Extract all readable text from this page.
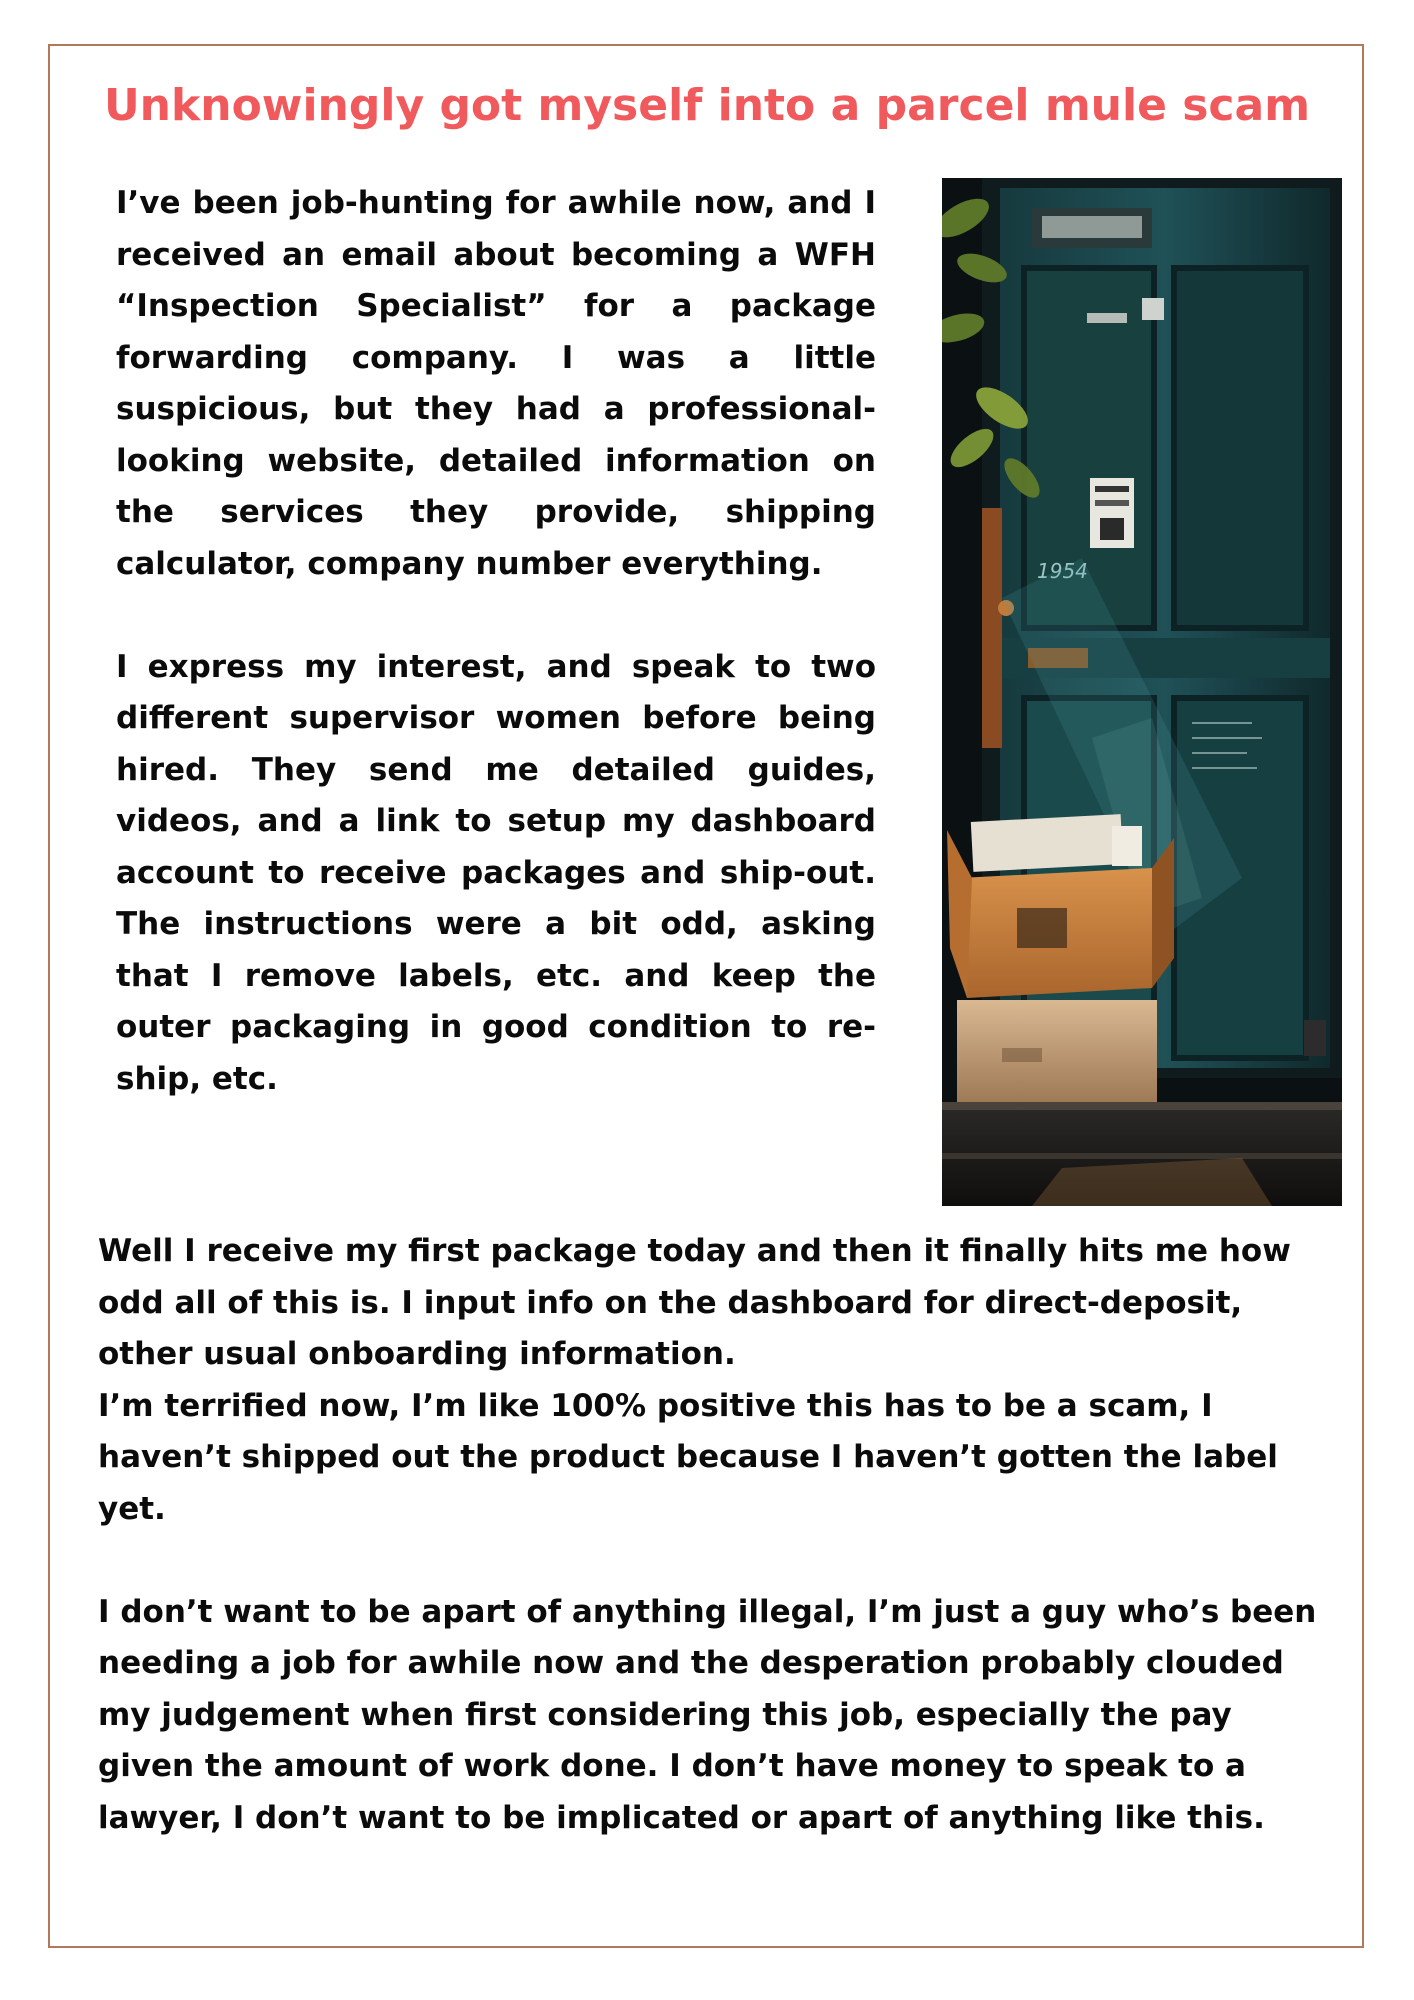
Unknowingly got myself into a parcel mule scam

I’ve been job-hunting for awhile now, and I received an email about becoming a WFH “Inspection Specialist” for a package forwarding company. I was a little suspicious, but they had a professional-looking website, detailed information on the services they provide, shipping calculator, company number everything.

I express my interest, and speak to two different supervisor women before being hired. They send me detailed guides, videos, and a link to setup my dashboard account to receive packages and ship-out. The instructions were a bit odd, asking that I remove labels, etc. and keep the outer packaging in good condition to re-ship, etc.

1954

Well I receive my first package today and then it finally hits me how odd all of this is. I input info on the dashboard for direct-deposit, other usual onboarding information.

I’m terrified now, I’m like 100% positive this has to be a scam, I haven’t shipped out the product because I haven’t gotten the label yet.

I don’t want to be apart of anything illegal, I’m just a guy who’s been needing a job for awhile now and the desperation probably clouded my judgement when first considering this job, especially the pay given the amount of work done. I don’t have money to speak to a lawyer, I don’t want to be implicated or apart of anything like this.
